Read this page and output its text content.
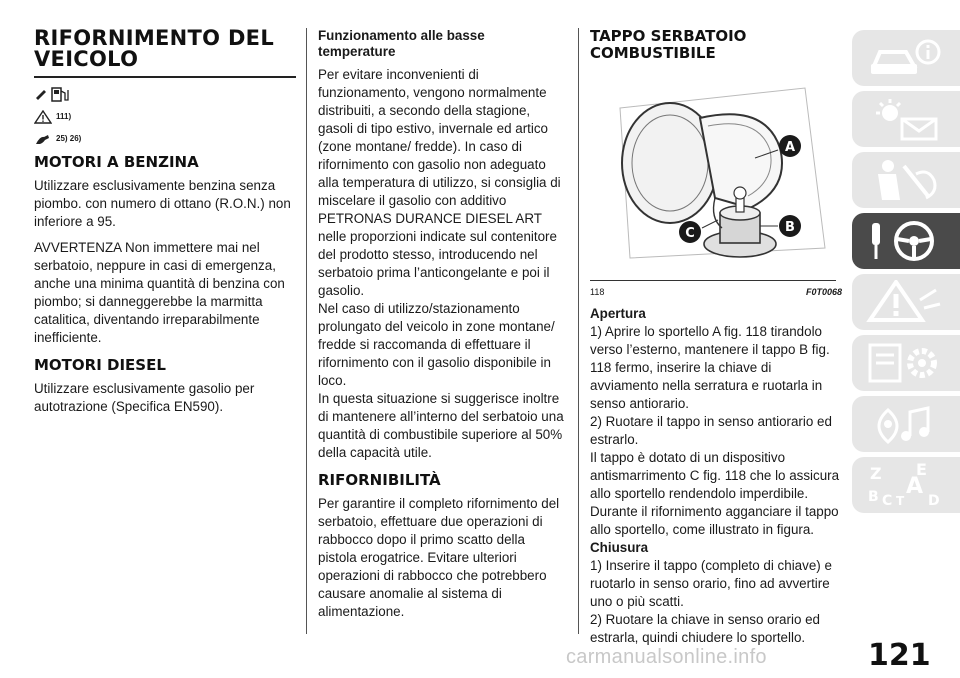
RIFORNIMENTO DEL VEICOLO
111)
25) 26)
MOTORI A BENZINA

Utilizzare esclusivamente benzina senza piombo. con numero di ottano (R.O.N.) non inferiore a 95.

AVVERTENZA Non immettere mai nel serbatoio, neppure in casi di emergenza, anche una minima quantità di benzina con piombo; si danneggerebbe la marmitta catalitica, diventando irreparabilmente inefficiente.

MOTORI DIESEL

Utilizzare esclusivamente gasolio per autotrazione (Specifica EN590).

Funzionamento alle basse
temperature

Per evitare inconvenienti di funzionamento, vengono normalmente distribuiti, a secondo della stagione, gasoli di tipo estivo, invernale ed artico (zone montane/ fredde). In caso di rifornimento con gasolio non adeguato alla temperatura di utilizzo, si consiglia di miscelare il gasolio con additivo PETRONAS DURANCE DIESEL ART nelle proporzioni indicate sul contenitore del prodotto stesso, introducendo nel serbatoio prima l’anticongelante e poi il gasolio.
Nel caso di utilizzo/stazionamento prolungato del veicolo in zone montane/ fredde si raccomanda di effettuare il rifornimento con il gasolio disponibile in loco.
In questa situazione si suggerisce inoltre di mantenere all’interno del serbatoio una quantità di combustibile superiore al 50% della capacità utile.

RIFORNIBILITÀ

Per garantire il completo rifornimento del serbatoio, effettuare due operazioni di rabbocco dopo il primo scatto della pistola erogatrice. Evitare ulteriori operazioni di rabbocco che potrebbero causare anomalie al sistema di alimentazione.

TAPPO SERBATOIO
COMBUSTIBILE
A
B
C
118	F0T0068
Apertura

1) Aprire lo sportello A fig. 118 tirandolo verso l’esterno, mantenere il tappo B fig. 118 fermo, inserire la chiave di avviamento nella serratura e ruotarla in senso antiorario.
2) Ruotare il tappo in senso antiorario ed estrarlo.
Il tappo è dotato di un dispositivo antismarrimento C fig. 118 che lo assicura allo sportello rendendolo imperdibile. Durante il rifornimento agganciare il tappo allo sportello, come illustrato in figura.

Chiusura

1) Inserire il tappo (completo di chiave) e ruotarlo in senso orario, fino ad avvertire uno o più scatti.
2) Ruotare la chiave in senso orario ed estrarla, quindi chiudere lo sportello.

Z E
B A
C T D
121
carmanualsonline.info
